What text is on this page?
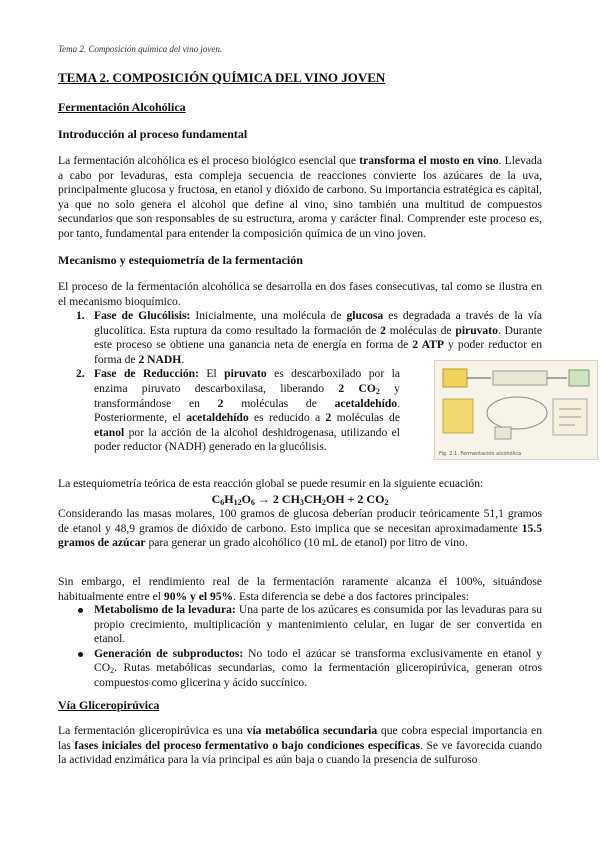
Tema 2. Composición química del vino joven.
TEMA 2. COMPOSICIÓN QUÍMICA DEL VINO JOVEN
Fermentación Alcohólica
Introducción al proceso fundamental

La fermentación alcohólica es el proceso biológico esencial que transforma el mosto en vino. Llevada a cabo por levaduras, esta compleja secuencia de reacciones convierte los azúcares de la uva, principalmente glucosa y fructosa, en etanol y dióxido de carbono. Su importancia estratégica es capital, ya que no solo genera el alcohol que define al vino, sino también una multitud de compuestos secundarios que son responsables de su estructura, aroma y carácter final. Comprender este proceso es, por tanto, fundamental para entender la composición química de un vino joven.

Mecanismo y estequiometría de la fermentación

El proceso de la fermentación alcohólica se desarrolla en dos fases consecutivas, tal como se ilustra en el mecanismo bioquímico.

1. Fase de Glucólisis: Inicialmente, una molécula de glucosa es degradada a través de la vía glucolítica. Esta ruptura da como resultado la formación de 2 moléculas de piruvato. Durante este proceso se obtiene una ganancia neta de energía en forma de 2 ATP y poder reductor en forma de 2 NADH.
2. Fase de Reducción: El piruvato es descarboxilado por la enzima piruvato descarboxilasa, liberando 2 $CO_2$ y transformándose en 2 moléculas de acetaldehído. Posteriormente, el acetaldehído es reducido a 2 moléculas de etanol por la acción de la alcohol deshidrogenasa, utilizando el poder reductor (NADH) generado en la glucólisis.
Fig. 2.1. Fermentación alcohólica

La estequiometría teórica de esta reacción global se puede resumir en la siguiente ecuación:

$C_6H_{12}O_6 \to 2$ $CH_3CH_2OH + 2$ $CO_2$

Considerando las masas molares, 100 gramos de glucosa deberían producir teóricamente 51,1 gramos de etanol y 48,9 gramos de dióxido de carbono. Esto implica que se necesitan aproximadamente 15.5 gramos de azúcar para generar un grado alcohólico (10 mL de etanol) por litro de vino.

Sin embargo, el rendimiento real de la fermentación raramente alcanza el 100%, situándose habitualmente entre el 90% y el 95%. Esta diferencia se debe a dos factores principales:

Metabolismo de la levadura: Una parte de los azúcares es consumida por las levaduras para su propio crecimiento, multiplicación y mantenimiento celular, en lugar de ser convertida en etanol.
Generación de subproductos: No todo el azúcar se transforma exclusivamente en etanol y $CO_2$. Rutas metabólicas secundarias, como la fermentación gliceropirúvica, generan otros compuestos como glicerina y ácido succínico.
Vía Gliceropirúvica

La fermentación gliceropirúvica es una vía metabólica secundaria que cobra especial importancia en las fases iniciales del proceso fermentativo o bajo condiciones específicas. Se ve favorecida cuando la actividad enzimática para la vía principal es aún baja o cuando la presencia de sulfuroso
